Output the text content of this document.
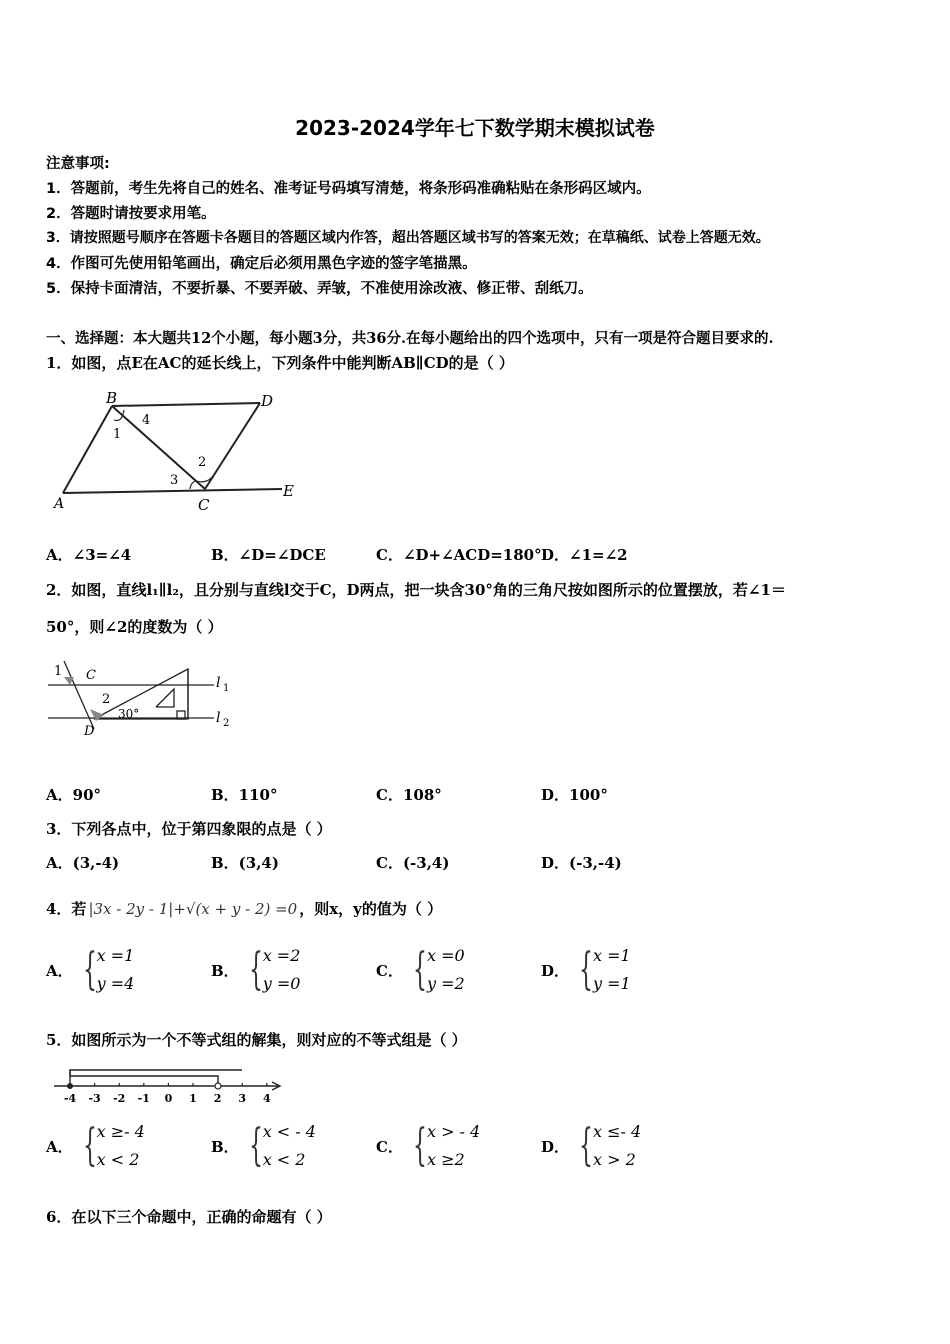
2023-2024学年七下数学期末模拟试卷
注意事项:
1．答题前，考生先将自己的姓名、准考证号码填写清楚，将条形码准确粘贴在条形码区域内。
2．答题时请按要求用笔。
3．请按照题号顺序在答题卡各题目的答题区域内作答，超出答题区域书写的答案无效；在草稿纸、试卷上答题无效。
4．作图可先使用铅笔画出，确定后必须用黑色字迹的签字笔描黑。
5．保持卡面清洁，不要折暴、不要弄破、弄皱，不准使用涂改液、修正带、刮纸刀。
一、选择题：本大题共12个小题，每小题3分，共36分.在每小题给出的四个选项中，只有一项是符合题目要求的.
1．如图，点E在AC的延长线上，下列条件中能判断AB∥CD的是（ ）
B	D
A	C
E
1
4
3
2
A．∠3=∠4	B．∠D=∠DCE	C．∠D+∠ACD=180° D．∠1=∠2
2．如图，直线l₁∥l₂，且分别与直线l交于C，D两点，把一块含30°角的三角尺按如图所示的位置摆放，若∠1＝
50°，则∠2的度数为（ ）
1 C
2
30°
D
l 1
l 2
A．90°	B．110°	C．108°	D．100°
3．下列各点中，位于第四象限的点是（ ）
A．(3,-4)	B．(3,4)	C．(-3,4)	D．(-3,-4)
4．若 |3x - 2y - 1|+√(x + y - 2) =0 ，则x，y的值为（ ）
A． { x =1
y =4
B． { x =2
y =0
C． { x =0
y =2
D． { x =1
y =1
5．如图所示为一个不等式组的解集，则对应的不等式组是（ ）
-4 -3 -2 -1 0 1 2 3 4
A． { x ≥- 4
x < 2
B． { x < - 4
x < 2
C． { x > - 4
x ≥2
D． { x ≤- 4
x > 2
6．在以下三个命题中，正确的命题有（ ）
